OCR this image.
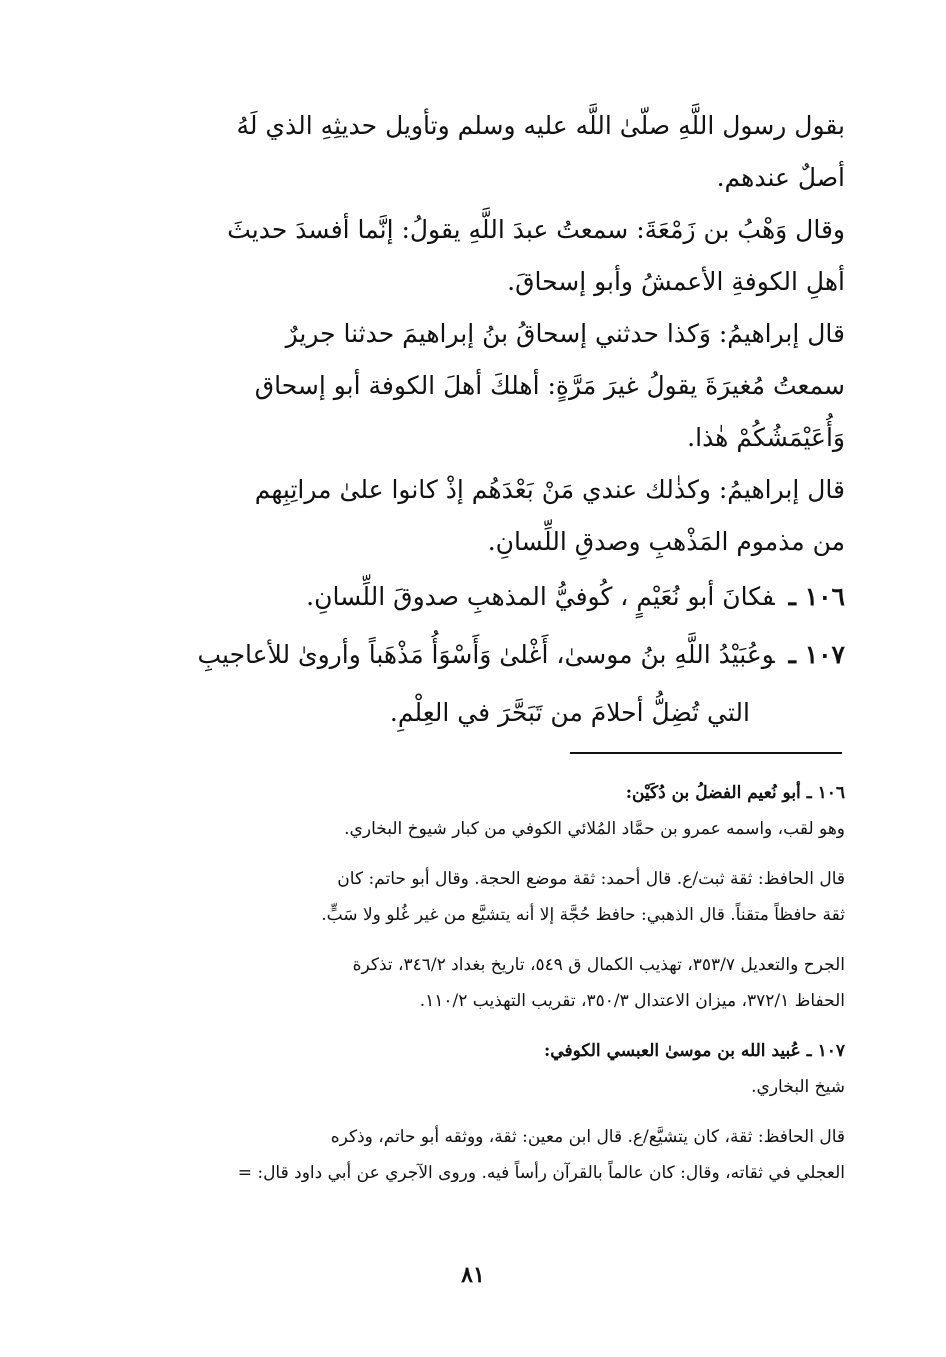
بقول رسول اللَّهِ صلّىٰ اللَّه عليه وسلم وتأويل حديثِهِ الذي لَهُ
أصلٌ عندهم.
وقال وَهْبُ بن زَمْعَةَ: سمعتُ عبدَ اللَّهِ يقولُ: إنَّما أفسدَ حديثَ
أهلِ الكوفةِ الأعمشُ وأبو إسحاقَ.
قال إبراهيمُ: وَكذا حدثني إسحاقُ بنُ إبراهيمَ حدثنا جريرٌ
سمعتُ مُغيرَةَ يقولُ غيرَ مَرَّةٍ: أهلكَ أهلَ الكوفة أبو إسحاق
وَأُعَيْمَشُكُمْ هٰذا.
قال إبراهيمُ: وكذٰلك عندي مَنْ بَعْدَهُم إذْ كانوا علىٰ مراتِبِهم
من مذموم المَذْهبِ وصدقِ اللِّسانِ.
١٠٦ ـفكانَ أبو نُعَيْمٍ ، كُوفيُّ المذهبِ صدوقَ اللِّسانِ.
١٠٧ ـوعُبَيْدُ اللَّهِ بنُ موسىٰ، أَغْلىٰ وَأَسْوَأُ مَذْهَباً وأروىٰ للأعاجيبِ
التي تُضِلُّ أحلامَ من تَبَحَّرَ في العِلْمِ.
١٠٦ ـ أبو نُعيم الفضلُ بن دُكَيْن:
وهو لقب، واسمه عمرو بن حمَّاد المُلائي الكوفي من كبار شيوخ البخاري.
قال الحافظ: ثقة ثبت/ع. قال أحمد: ثقة موضع الحجة. وقال أبو حاتم: كان
ثقة حافظاً متقناً. قال الذهبي: حافظ حُجَّة إلا أنه يتشيَّع من غير غُلو ولا سَبٍّ.
الجرح والتعديل ٣٥٣/٧، تهذيب الكمال ق ٥٤٩، تاريخ بغداد ٣٤٦/٢، تذكرة
الحفاظ ٣٧٢/١، ميزان الاعتدال ٣٥٠/٣، تقريب التهذيب ١١٠/٢.
١٠٧ ـ عُبيد الله بن موسىٰ العبسي الكوفي:
شيخ البخاري.
قال الحافظ: ثقة، كان يتشيَّع/ع. قال ابن معين: ثقة، ووثقه أبو حاتم، وذكره
العجلي في ثقاته، وقال: كان عالماً بالقرآن رأساً فيه. وروى الآجري عن أبي داود قال: =
٨١
